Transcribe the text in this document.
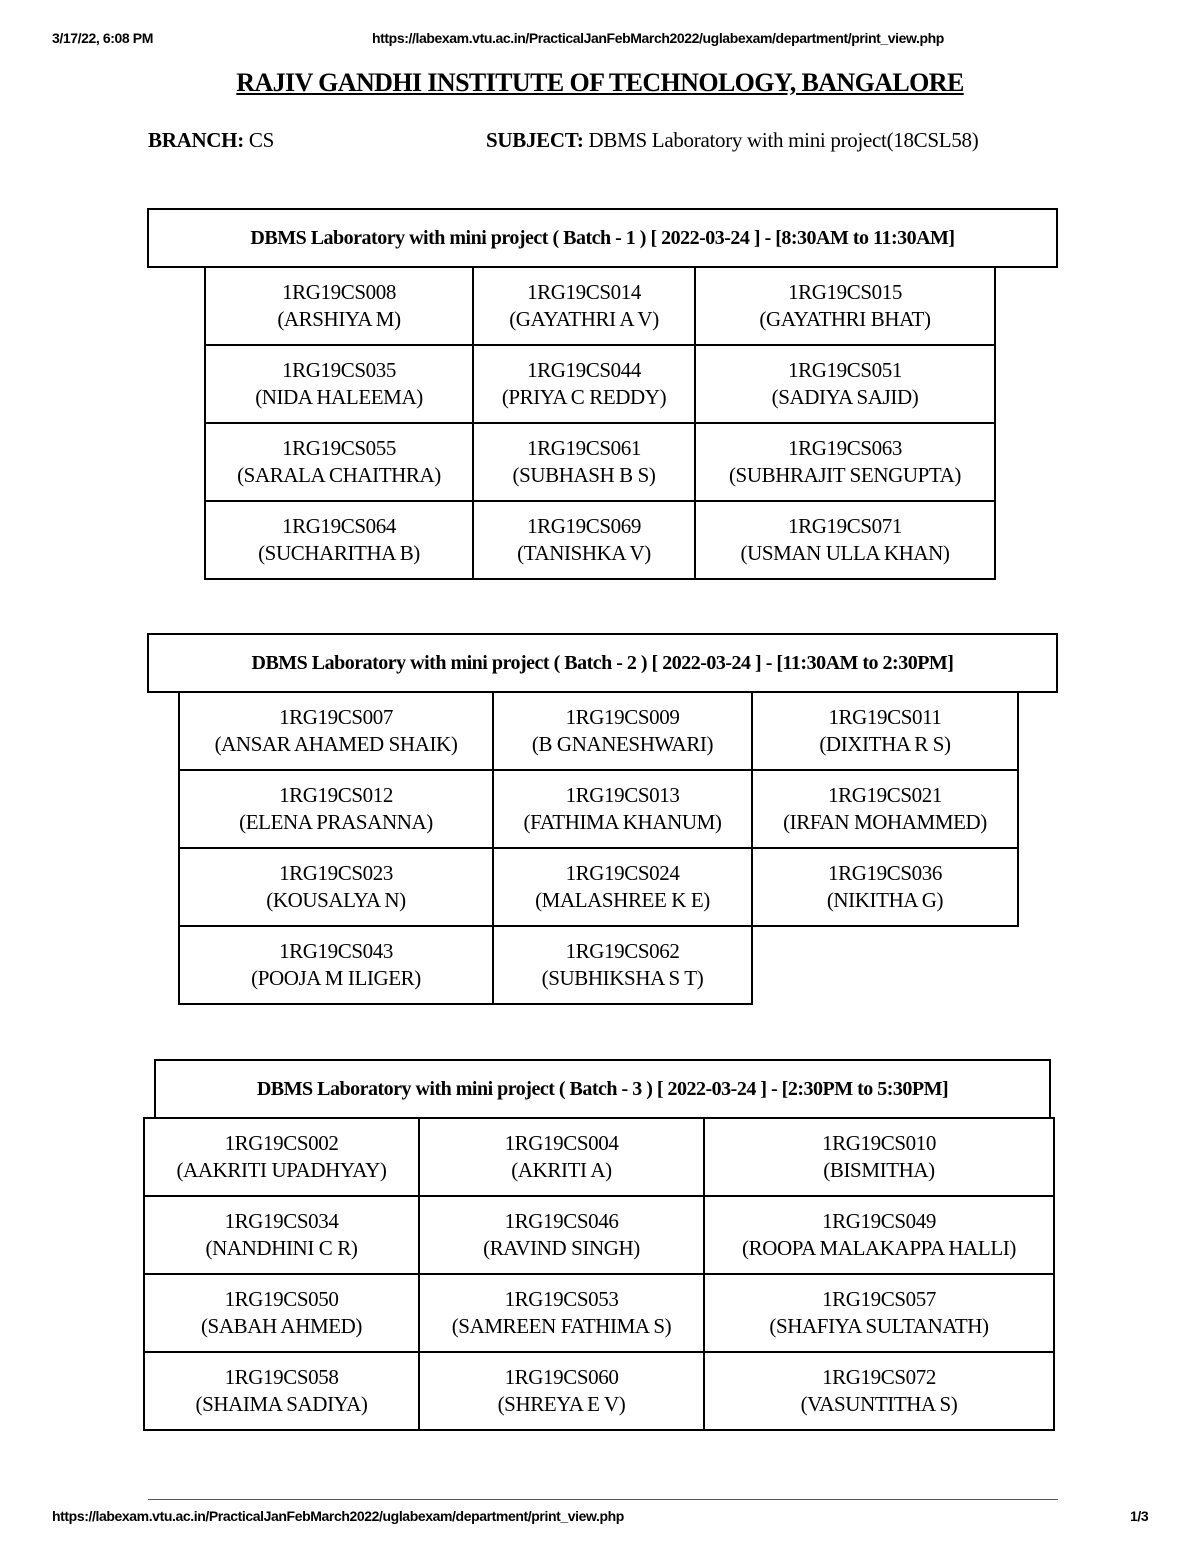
3/17/22, 6:08 PM	https://labexam.vtu.ac.in/PracticalJanFebMarch2022/uglabexam/department/print_view.php
RAJIV GANDHI INSTITUTE OF TECHNOLOGY, BANGALORE
BRANCH: CS	SUBJECT: DBMS Laboratory with mini project(18CSL58)
DBMS Laboratory with mini project ( Batch - 1 ) [ 2022-03-24 ] - [8:30AM to 11:30AM]
1RG19CS008
(ARSHIYA M)	1RG19CS014
(GAYATHRI A V)	1RG19CS015
(GAYATHRI BHAT)

1RG19CS035
(NIDA HALEEMA)	1RG19CS044
(PRIYA C REDDY)	1RG19CS051
(SADIYA SAJID)

1RG19CS055
(SARALA CHAITHRA)	1RG19CS061
(SUBHASH B S)	1RG19CS063
(SUBHRAJIT SENGUPTA)

1RG19CS064
(SUCHARITHA B)	1RG19CS069
(TANISHKA V)	1RG19CS071
(USMAN ULLA KHAN)
DBMS Laboratory with mini project ( Batch - 2 ) [ 2022-03-24 ] - [11:30AM to 2:30PM]
1RG19CS007
(ANSAR AHAMED SHAIK)	1RG19CS009
(B GNANESHWARI)	1RG19CS011
(DIXITHA R S)

1RG19CS012
(ELENA PRASANNA)	1RG19CS013
(FATHIMA KHANUM)	1RG19CS021
(IRFAN MOHAMMED)

1RG19CS023
(KOUSALYA N)	1RG19CS024
(MALASHREE K E)	1RG19CS036
(NIKITHA G)

1RG19CS043
(POOJA M ILIGER)	1RG19CS062
(SUBHIKSHA S T)	

DBMS Laboratory with mini project ( Batch - 3 ) [ 2022-03-24 ] - [2:30PM to 5:30PM]
1RG19CS002
(AAKRITI UPADHYAY)	1RG19CS004
(AKRITI A)	1RG19CS010
(BISMITHA)

1RG19CS034
(NANDHINI C R)	1RG19CS046
(RAVIND SINGH)	1RG19CS049
(ROOPA MALAKAPPA HALLI)

1RG19CS050
(SABAH AHMED)	1RG19CS053
(SAMREEN FATHIMA S)	1RG19CS057
(SHAFIYA SULTANATH)

1RG19CS058
(SHAIMA SADIYA)	1RG19CS060
(SHREYA E V)	1RG19CS072
(VASUNTITHA S)
https://labexam.vtu.ac.in/PracticalJanFebMarch2022/uglabexam/department/print_view.php	1/3
